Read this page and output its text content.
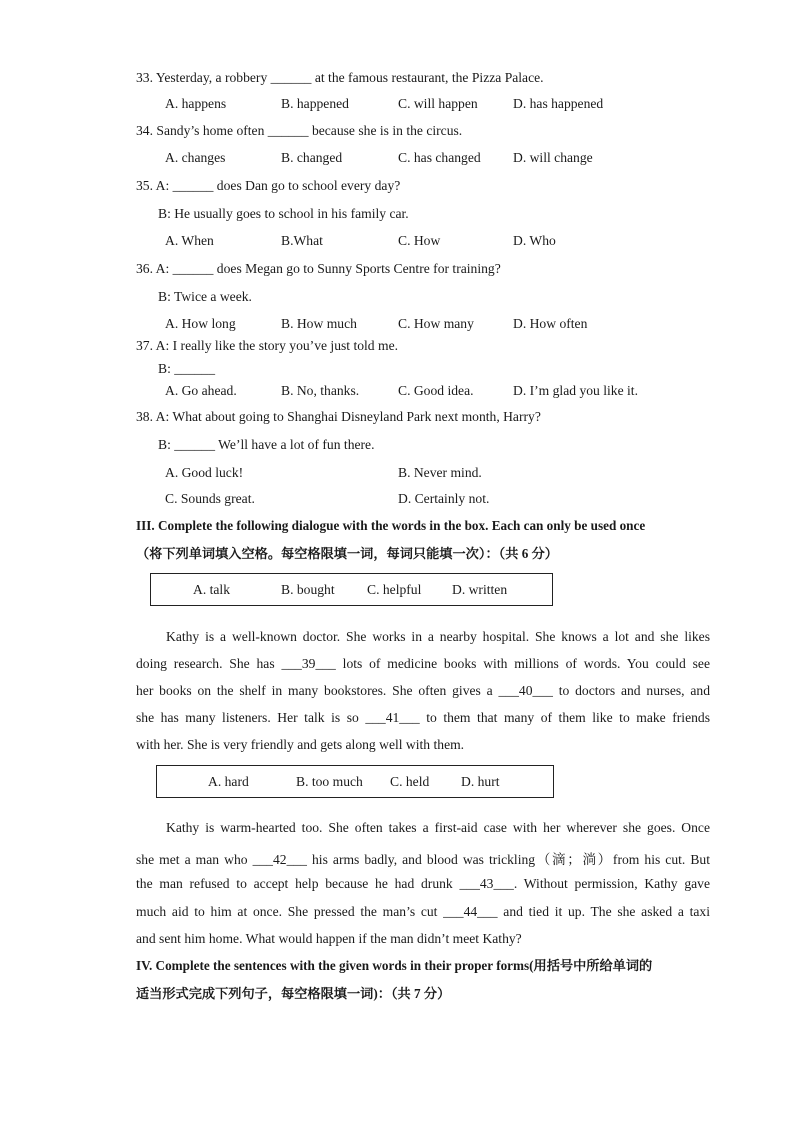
33. Yesterday, a robbery ______ at the famous restaurant, the Pizza Palace.
A. happens	B. happened	C. will happen	D. has happened
34. Sandy’s home often ______ because she is in the circus.
A. changes	B. changed	C. has changed D. will change
35. A: ______ does Dan go to school every day?
B: He usually goes to school in his family car.
A. When	B.What	C. How	D. Who
36. A: ______ does Megan go to Sunny Sports Centre for training?
B: Twice a week.
A. How long	B. How much	C. How many	D. How often
37. A: I really like the story you’ve just told me.
B: ______
A. Go ahead.	B. No, thanks.	C. Good idea.	D. I’m glad you like it.
38. A: What about going to Shanghai Disneyland Park next month, Harry?
B: ______ We’ll have a lot of fun there.
A. Good luck!	B. Never mind.
C. Sounds great.	D. Certainly not.
III. Complete the following dialogue with the words in the box. Each can only be used once
（将下列单词填入空格。每空格限填一词，每词只能填一次）：（共 6 分）
A. talk	B. bought C. helpful D. written
Kathy is a well-known doctor. She works in a nearby hospital. She knows a lot and she likes
doing research. She has ___39___ lots of medicine books with millions of words. You could see
her books on the shelf in many bookstores. She often gives a ___40___ to doctors and nurses, and
she has many listeners. Her talk is so ___41___ to them that many of them like to make friends
with her. She is very friendly and gets along well with them.
A. hard	B. too much C. held D. hurt
Kathy is warm-hearted too. She often takes a first-aid case with her wherever she goes. Once
she met a man who ___42___ his arms badly, and blood was trickling（滴；淌）from his cut. But
the man refused to accept help because he had drunk ___43___. Without permission, Kathy gave
much aid to him at once. She pressed the man’s cut ___44___ and tied it up. The she asked a taxi
and sent him home. What would happen if the man didn’t meet Kathy?
IV. Complete the sentences with the given words in their proper forms(用括号中所给单词的
适当形式完成下列句子，每空格限填一词)：（共 7 分）
